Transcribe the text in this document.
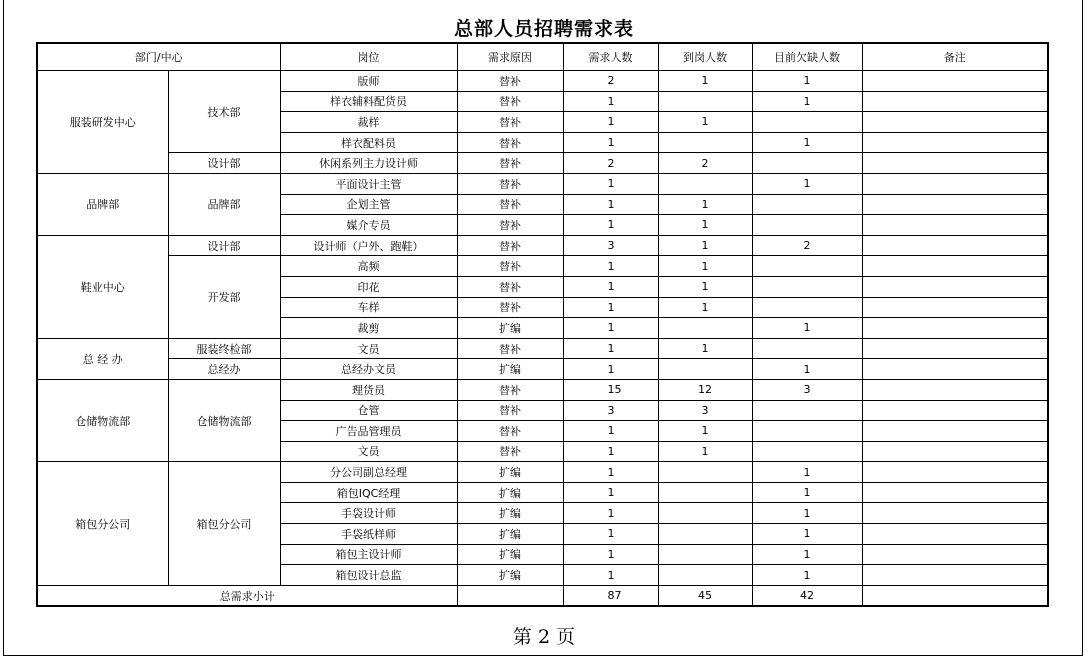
总部人员招聘需求表
部门/中心		岗位	需求原因	需求人数	到岗人数	目前欠缺人数	备注
服装研发中心	技术部	版师	替补	2	1	1	
		样衣辅料配货员	替补	1		1	
		裁样	替补	1	1		
		样衣配料员	替补	1		1	
	设计部	休闲系列主力设计师	替补	2	2		
品牌部	品牌部	平面设计主管	替补	1		1	
		企划主管	替补	1	1		
		媒介专员	替补	1	1		
鞋业中心	设计部	设计师（户外、跑鞋）	替补	3	1	2	
	开发部	高频	替补	1	1		
		印花	替补	1	1		
		车样	替补	1	1		
		裁剪	扩编	1		1	
总 经 办	服装终检部	文员	替补	1	1		
	总经办	总经办文员	扩编	1		1	
仓储物流部	仓储物流部	理货员	替补	15	12	3	
		仓管	替补	3	3		
		广告品管理员	替补	1	1		
		文员	替补	1	1		
箱包分公司	箱包分公司	分公司副总经理	扩编	1		1	
		箱包IQC经理	扩编	1		1	
		手袋设计师	扩编	1		1	
		手袋纸样师	扩编	1		1	
		箱包主设计师	扩编	1		1	
		箱包设计总监	扩编	1		1	
总需求小计				87	45	42	
第 2 页
